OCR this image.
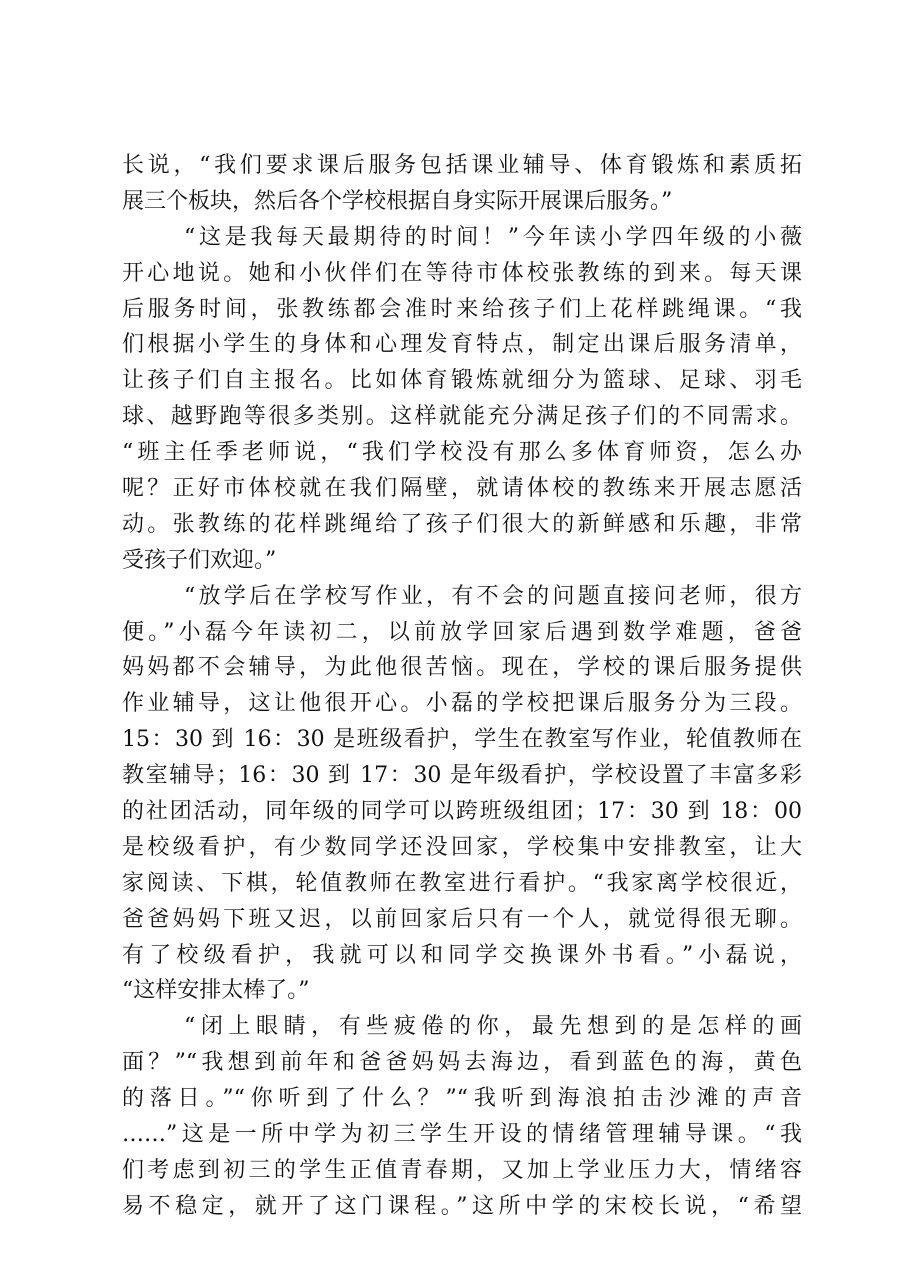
长说，“我们要求课后服务包括课业辅导、体育锻炼和素质拓
展三个板块，然后各个学校根据自身实际开展课后服务。”
“这是我每天最期待的时间！”今年读小学四年级的小薇
开心地说。她和小伙伴们在等待市体校张教练的到来。每天课
后服务时间，张教练都会准时来给孩子们上花样跳绳课。“我
们根据小学生的身体和心理发育特点，制定出课后服务清单，
让孩子们自主报名。比如体育锻炼就细分为篮球、足球、羽毛
球、越野跑等很多类别。这样就能充分满足孩子们的不同需求。
“班主任季老师说，“我们学校没有那么多体育师资，怎么办
呢？正好市体校就在我们隔壁，就请体校的教练来开展志愿活
动。张教练的花样跳绳给了孩子们很大的新鲜感和乐趣，非常
受孩子们欢迎。”
“放学后在学校写作业，有不会的问题直接问老师，很方
便。”小磊今年读初二，以前放学回家后遇到数学难题，爸爸
妈妈都不会辅导，为此他很苦恼。现在，学校的课后服务提供
作业辅导，这让他很开心。小磊的学校把课后服务分为三段。
15：30 到 16：30 是班级看护，学生在教室写作业，轮值教师在
教室辅导；16：30 到 17：30 是年级看护，学校设置了丰富多彩
的社团活动，同年级的同学可以跨班级组团；17：30 到 18：00
是校级看护，有少数同学还没回家，学校集中安排教室，让大
家阅读、下棋，轮值教师在教室进行看护。“我家离学校很近，
爸爸妈妈下班又迟，以前回家后只有一个人，就觉得很无聊。
有了校级看护，我就可以和同学交换课外书看。”小磊说，
“这样安排太棒了。”
“闭上眼睛，有些疲倦的你，最先想到的是怎样的画
面？”“我想到前年和爸爸妈妈去海边，看到蓝色的海，黄色
的落日。”“你听到了什么？”“我听到海浪拍击沙滩的声音
……”这是一所中学为初三学生开设的情绪管理辅导课。“我
们考虑到初三的学生正值青春期，又加上学业压力大，情绪容
易不稳定，就开了这门课程。”这所中学的宋校长说，“希望
